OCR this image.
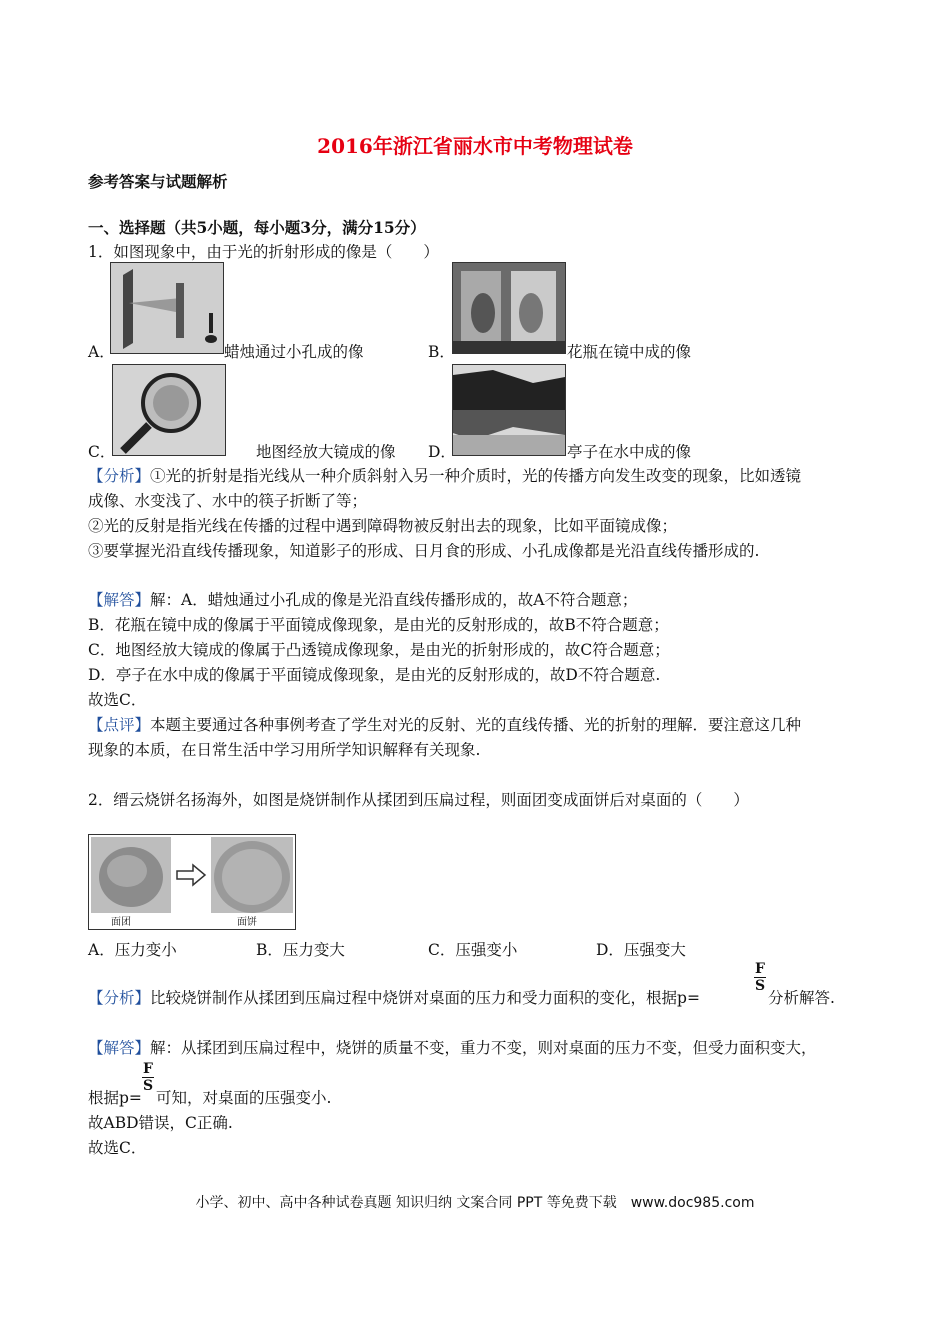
2016年浙江省丽水市中考物理试卷
参考答案与试题解析
一、选择题（共5小题，每小题3分，满分15分）
1．如图现象中，由于光的折射形成的像是（　　）
A．	蜡烛通过小孔成的像	B．	花瓶在镜中成的像
C．	地图经放大镜成的像 D．	亭子在水中成的像
【分析】①光的折射是指光线从一种介质斜射入另一种介质时，光的传播方向发生改变的现象，比如透镜
成像、水变浅了、水中的筷子折断了等；
②光的反射是指光线在传播的过程中遇到障碍物被反射出去的现象，比如平面镜成像；
③要掌握光沿直线传播现象，知道影子的形成、日月食的形成、小孔成像都是光沿直线传播形成的.
【解答】解：A．蜡烛通过小孔成的像是光沿直线传播形成的，故A不符合题意；
B．花瓶在镜中成的像属于平面镜成像现象，是由光的反射形成的，故B不符合题意；
C．地图经放大镜成的像属于凸透镜成像现象，是由光的折射形成的，故C符合题意；
D．亭子在水中成的像属于平面镜成像现象，是由光的反射形成的，故D不符合题意.
故选C．
【点评】本题主要通过各种事例考查了学生对光的反射、光的直线传播、光的折射的理解．要注意这几种
现象的本质，在日常生活中学习用所学知识解释有关现象.
2．缙云烧饼名扬海外，如图是烧饼制作从揉团到压扁过程，则面团变成面饼后对桌面的（　　）
面团	面饼
A．压力变小	B．压力变大	C．压强变小	D．压强变大
【分析】比较烧饼制作从揉团到压扁过程中烧饼对桌面的压力和受力面积的变化，根据p=
F
S
分析解答.
【解答】解：从揉团到压扁过程中，烧饼的质量不变，重力不变，则对桌面的压力不变，但受力面积变大，
根据p=
F
S
可知，对桌面的压强变小.
故ABD错误，C正确.
故选C．
小学、初中、高中各种试卷真题 知识归纳 文案合同 PPT 等免费下载　www.doc985.com
